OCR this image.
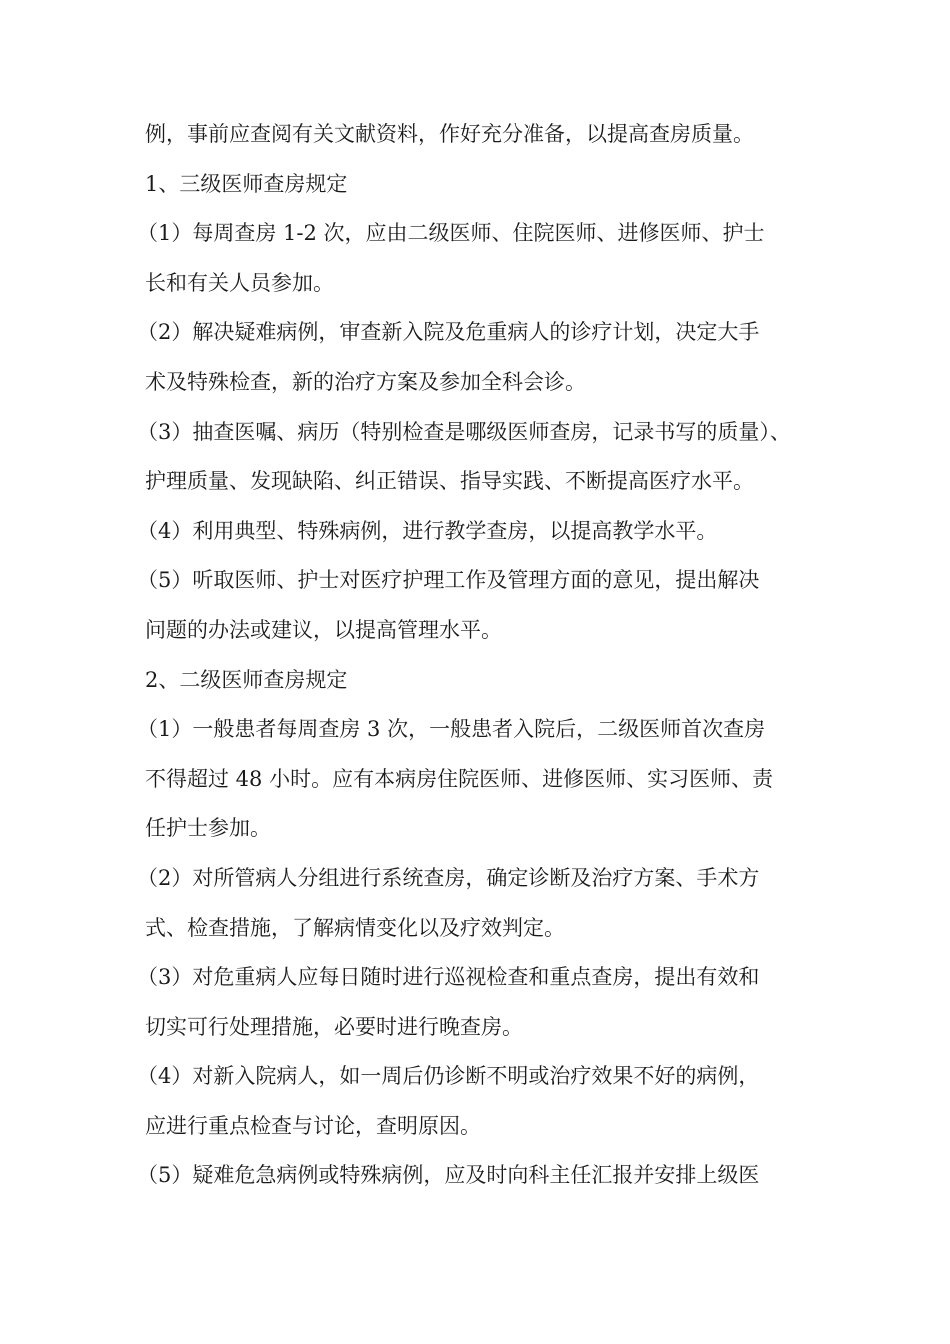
例，事前应查阅有关文献资料，作好充分准备，以提高查房质量。
1、三级医师查房规定
（1）每周查房 1-2 次，应由二级医师、住院医师、进修医师、护士
长和有关人员参加。
（2）解决疑难病例，审查新入院及危重病人的诊疗计划，决定大手
术及特殊检查，新的治疗方案及参加全科会诊。
（3）抽查医嘱、病历（特别检查是哪级医师查房，记录书写的质量）、
护理质量、发现缺陷、纠正错误、指导实践、不断提高医疗水平。
（4）利用典型、特殊病例，进行教学查房，以提高教学水平。
（5）听取医师、护士对医疗护理工作及管理方面的意见，提出解决
问题的办法或建议，以提高管理水平。
2、二级医师查房规定
（1）一般患者每周查房 3 次，一般患者入院后，二级医师首次查房
不得超过 48 小时。应有本病房住院医师、进修医师、实习医师、责
任护士参加。
（2）对所管病人分组进行系统查房，确定诊断及治疗方案、手术方
式、检查措施，了解病情变化以及疗效判定。
（3）对危重病人应每日随时进行巡视检查和重点查房，提出有效和
切实可行处理措施，必要时进行晚查房。
（4）对新入院病人，如一周后仍诊断不明或治疗效果不好的病例，
应进行重点检查与讨论，查明原因。
（5）疑难危急病例或特殊病例，应及时向科主任汇报并安排上级医
